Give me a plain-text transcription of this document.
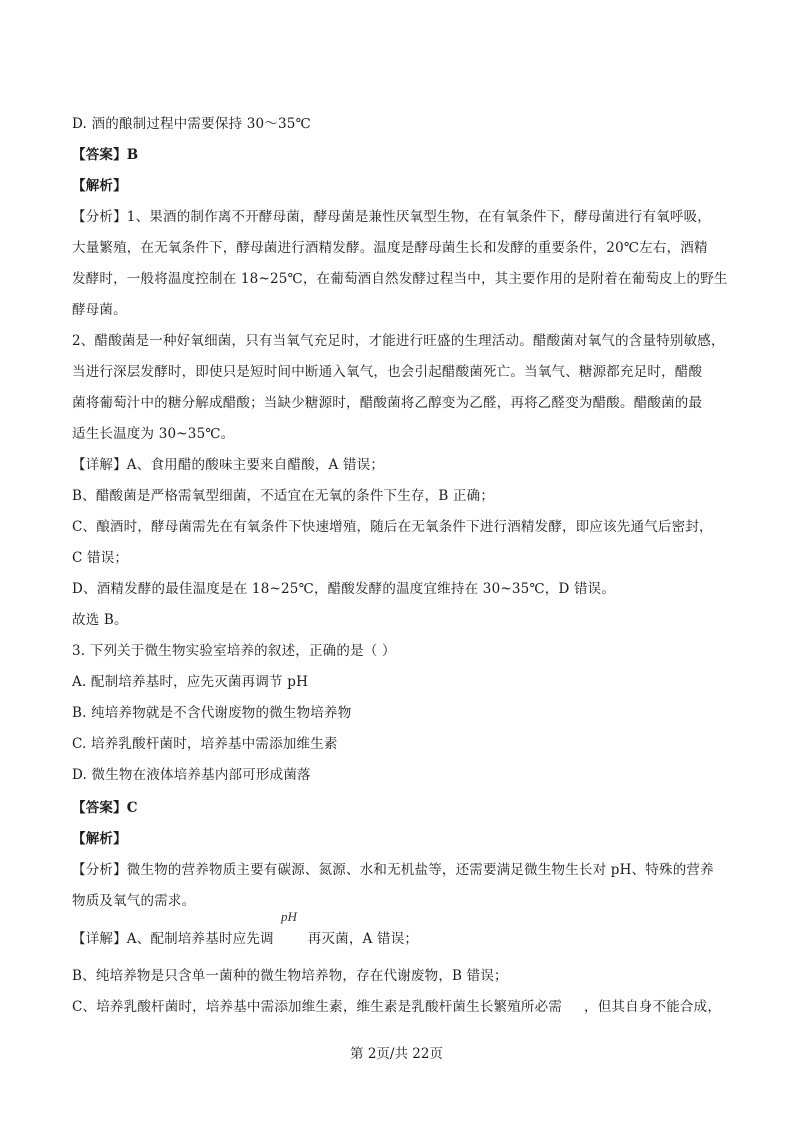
D. 酒的酿制过程中需要保持 30～35℃
【答案】B
【解析】
【分析】1、果酒的制作离不开酵母菌，酵母菌是兼性厌氧型生物，在有氧条件下，酵母菌进行有氧呼吸，
大量繁殖，在无氧条件下，酵母菌进行酒精发酵。温度是酵母菌生长和发酵的重要条件，20℃左右，酒精
发酵时，一般将温度控制在 18~25℃，在葡萄酒自然发酵过程当中，其主要作用的是附着在葡萄皮上的野生
酵母菌。
2、醋酸菌是一种好氧细菌，只有当氧气充足时，才能进行旺盛的生理活动。醋酸菌对氧气的含量特别敏感，
当进行深层发酵时，即使只是短时间中断通入氧气，也会引起醋酸菌死亡。当氧气、糖源都充足时，醋酸
菌将葡萄汁中的糖分解成醋酸；当缺少糖源时，醋酸菌将乙醇变为乙醛，再将乙醛变为醋酸。醋酸菌的最
适生长温度为 30~35℃。
【详解】A、食用醋的酸味主要来自醋酸，A 错误；
B、醋酸菌是严格需氧型细菌，不适宜在无氧的条件下生存，B 正确；
C、酿酒时，酵母菌需先在有氧条件下快速增殖，随后在无氧条件下进行酒精发酵，即应该先通气后密封，
C 错误；
D、酒精发酵的最佳温度是在 18~25℃，醋酸发酵的温度宜维持在 30~35℃，D 错误。
故选 B。
3. 下列关于微生物实验室培养的叙述，正确的是（ ）
A. 配制培养基时，应先灭菌再调节 pH
B. 纯培养物就是不含代谢废物的微生物培养物
C. 培养乳酸杆菌时，培养基中需添加维生素
D. 微生物在液体培养基内部可形成菌落
【答案】C
【解析】
【分析】微生物的营养物质主要有碳源、氮源、水和无机盐等，还需要满足微生物生长对 pH、特殊的营养
物质及氧气的需求。
pH
【详解】A、配制培养基时应先调	再灭菌，A 错误；
B、纯培养物是只含单一菌种的微生物培养物，存在代谢废物，B 错误；
C、培养乳酸杆菌时，培养基中需添加维生素，维生素是乳酸杆菌生长繁殖所必需 ，但其自身不能合成，
第 2页/共 22页
